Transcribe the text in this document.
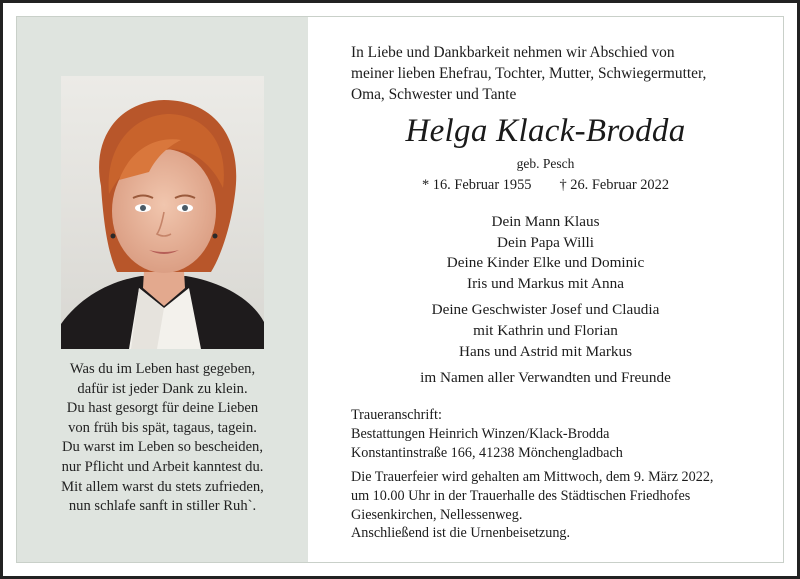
Was du im Leben hast gegeben,
dafür ist jeder Dank zu klein.
Du hast gesorgt für deine Lieben
von früh bis spät, tagaus, tagein.
Du warst im Leben so bescheiden,
nur Pflicht und Arbeit kanntest du.
Mit allem warst du stets zufrieden,
nun schlafe sanft in stiller Ruh`.
In Liebe und Dankbarkeit nehmen wir Abschied von
meiner lieben Ehefrau, Tochter, Mutter, Schwiegermutter,
Oma, Schwester und Tante
Helga Klack-Brodda
geb. Pesch
* 16. Februar 1955 † 26. Februar 2022
Dein Mann Klaus
Dein Papa Willi
Deine Kinder Elke und Dominic
Iris und Markus mit Anna
Deine Geschwister Josef und Claudia
mit Kathrin und Florian
Hans und Astrid mit Markus
im Namen aller Verwandten und Freunde
Traueranschrift:
Bestattungen Heinrich Winzen/Klack-Brodda
Konstantinstraße 166, 41238 Mönchengladbach
Die Trauerfeier wird gehalten am Mittwoch, dem 9. März 2022,
um 10.00 Uhr in der Trauerhalle des Städtischen Friedhofes
Giesenkirchen, Nellessenweg.
Anschließend ist die Urnenbeisetzung.
